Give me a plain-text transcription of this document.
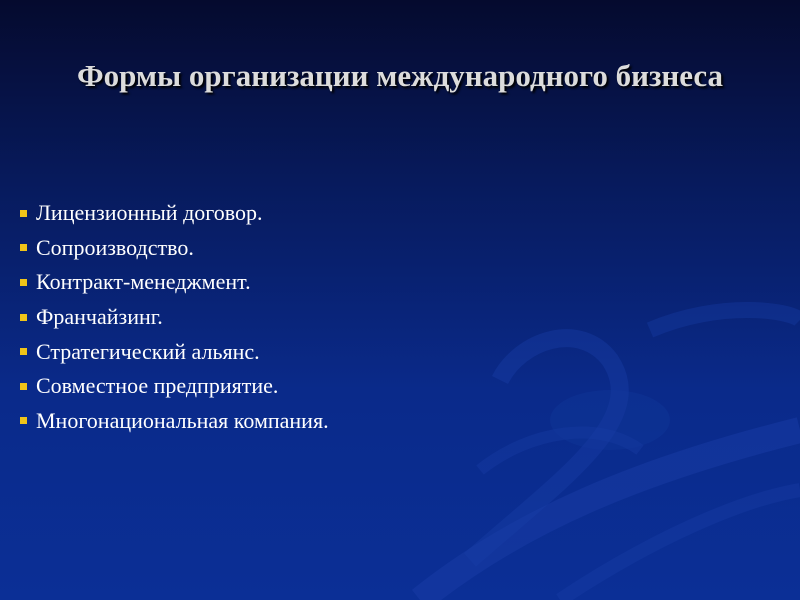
Формы организации международного бизнеса
Лицензионный договор.
Сопроизводство.
Контракт-менеджмент.
Франчайзинг.
Стратегический альянс.
Совместное предприятие.
Многонациональная компания.
